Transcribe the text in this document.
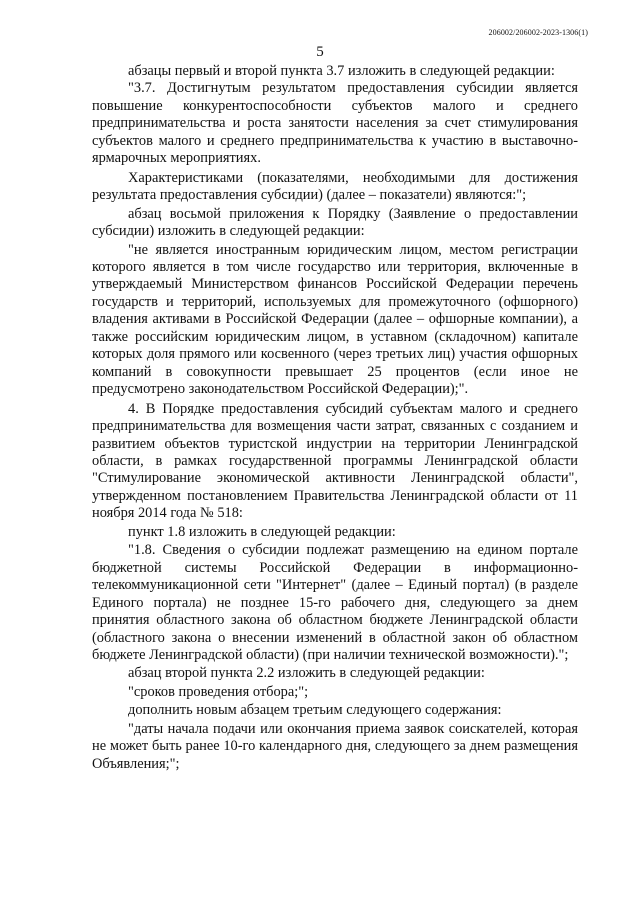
206002/206002-2023-1306(1)
5

абзацы первый и второй пункта 3.7 изложить в следующей редакции:

"3.7. Достигнутым результатом предоставления субсидии является повышение конкурентоспособности субъектов малого и среднего предпринимательства и роста занятости населения за счет стимулирования субъектов малого и среднего предпринимательства к участию в выставочно-ярмарочных мероприятиях.

Характеристиками (показателями, необходимыми для достижения результата предоставления субсидии) (далее – показатели) являются:";

абзац восьмой приложения к Порядку (Заявление о предоставлении субсидии) изложить в следующей редакции:

"не является иностранным юридическим лицом, местом регистрации которого является в том числе государство или территория, включенные в утверждаемый Министерством финансов Российской Федерации перечень государств и территорий, используемых для промежуточного (офшорного) владения активами в Российской Федерации (далее – офшорные компании), а также российским юридическим лицом, в уставном (складочном) капитале которых доля прямого или косвенного (через третьих лиц) участия офшорных компаний в совокупности превышает 25 процентов (если иное не предусмотрено законодательством Российской Федерации);".

4. В Порядке предоставления субсидий субъектам малого и среднего предпринимательства для возмещения части затрат, связанных с созданием и развитием объектов туристской индустрии на территории Ленинградской области, в рамках государственной программы Ленинградской области "Стимулирование экономической активности Ленинградской области", утвержденном постановлением Правительства Ленинградской области от 11 ноября 2014 года № 518:

пункт 1.8 изложить в следующей редакции:

"1.8. Сведения о субсидии подлежат размещению на едином портале бюджетной системы Российской Федерации в информационно-телекоммуникационной сети "Интернет" (далее – Единый портал) (в разделе Единого портала) не позднее 15-го рабочего дня, следующего за днем принятия областного закона об областном бюджете Ленинградской области (областного закона о внесении изменений в областной закон об областном бюджете Ленинградской области) (при наличии технической возможности).";

абзац второй пункта 2.2 изложить в следующей редакции:

"сроков проведения отбора;";

дополнить новым абзацем третьим следующего содержания:

"даты начала подачи или окончания приема заявок соискателей, которая не может быть ранее 10-го календарного дня, следующего за днем размещения Объявления;";
